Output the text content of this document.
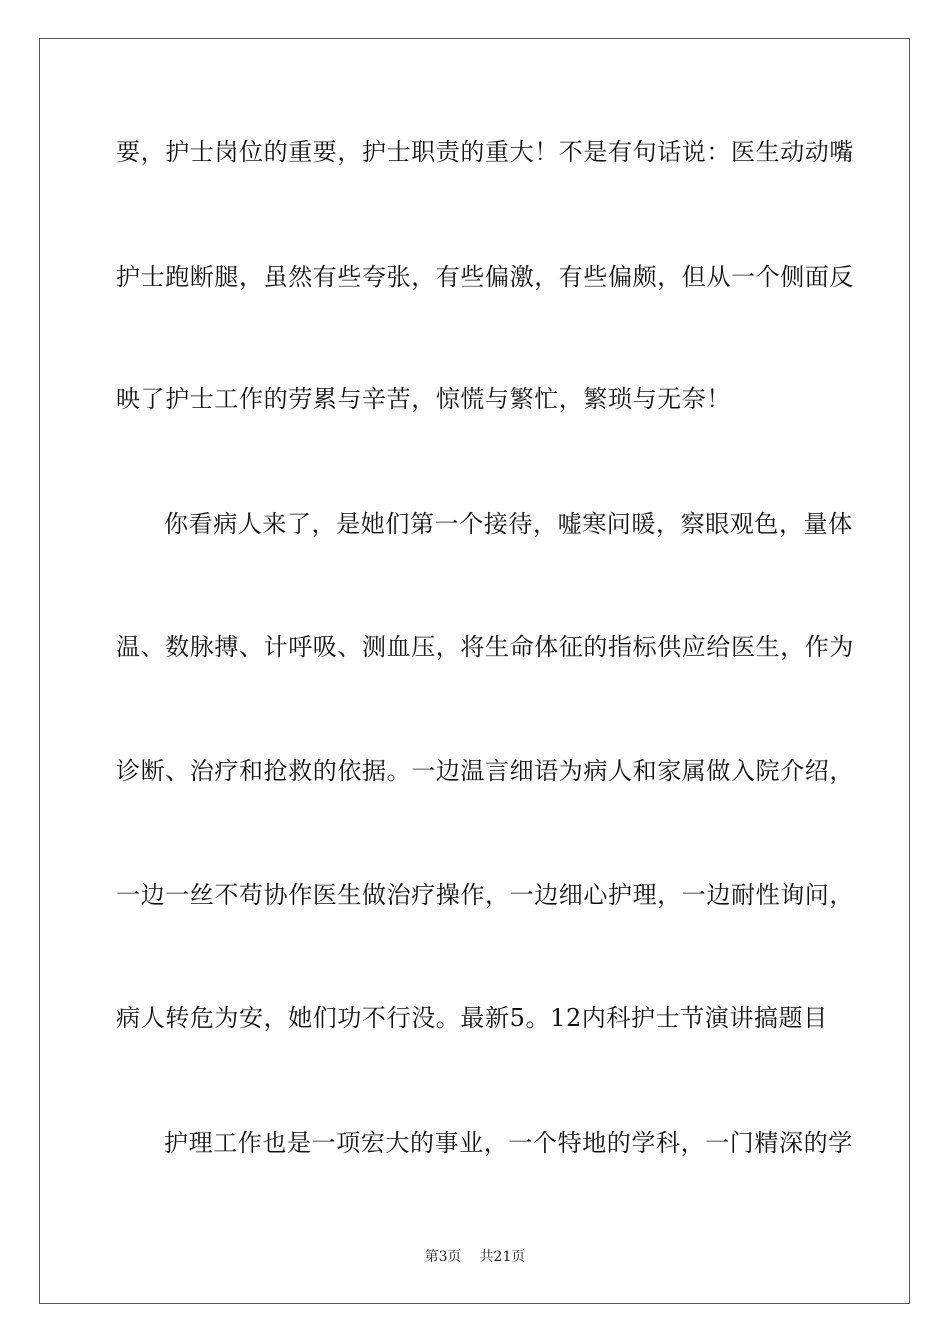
要，护士岗位的重要，护士职责的重大！不是有句话说：医生动动嘴
护士跑断腿，虽然有些夸张，有些偏激，有些偏颇，但从一个侧面反
映了护士工作的劳累与辛苦，惊慌与繁忙，繁琐与无奈！
你看病人来了，是她们第一个接待，嘘寒问暖，察眼观色，量体
温、数脉搏、计呼吸、测血压，将生命体征的指标供应给医生，作为
诊断、治疗和抢救的依据。一边温言细语为病人和家属做入院介绍，
一边一丝不苟协作医生做治疗操作，一边细心护理，一边耐性询问，
病人转危为安，她们功不行没。最新5。12内科护士节演讲搞题目
护理工作也是一项宏大的事业，一个特地的学科，一门精深的学
第3页 共21页
